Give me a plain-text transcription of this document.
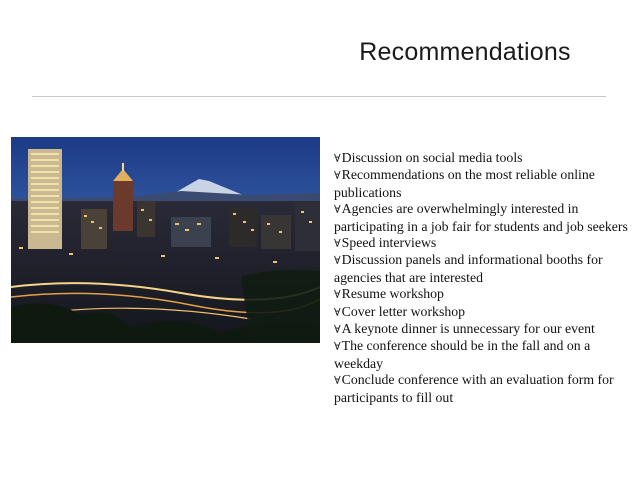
Recommendations
∀Discussion on social media tools
∀Recommendations on the most reliable online publications
∀Agencies are overwhelmingly interested in participating in a job fair for students and job seekers
∀Speed interviews
∀Discussion panels and informational booths for agencies that are interested
∀Resume workshop
∀Cover letter workshop
∀A keynote dinner is unnecessary for our event
∀The conference should be in the fall and on a weekday
∀Conclude conference with an evaluation form for participants to fill out
